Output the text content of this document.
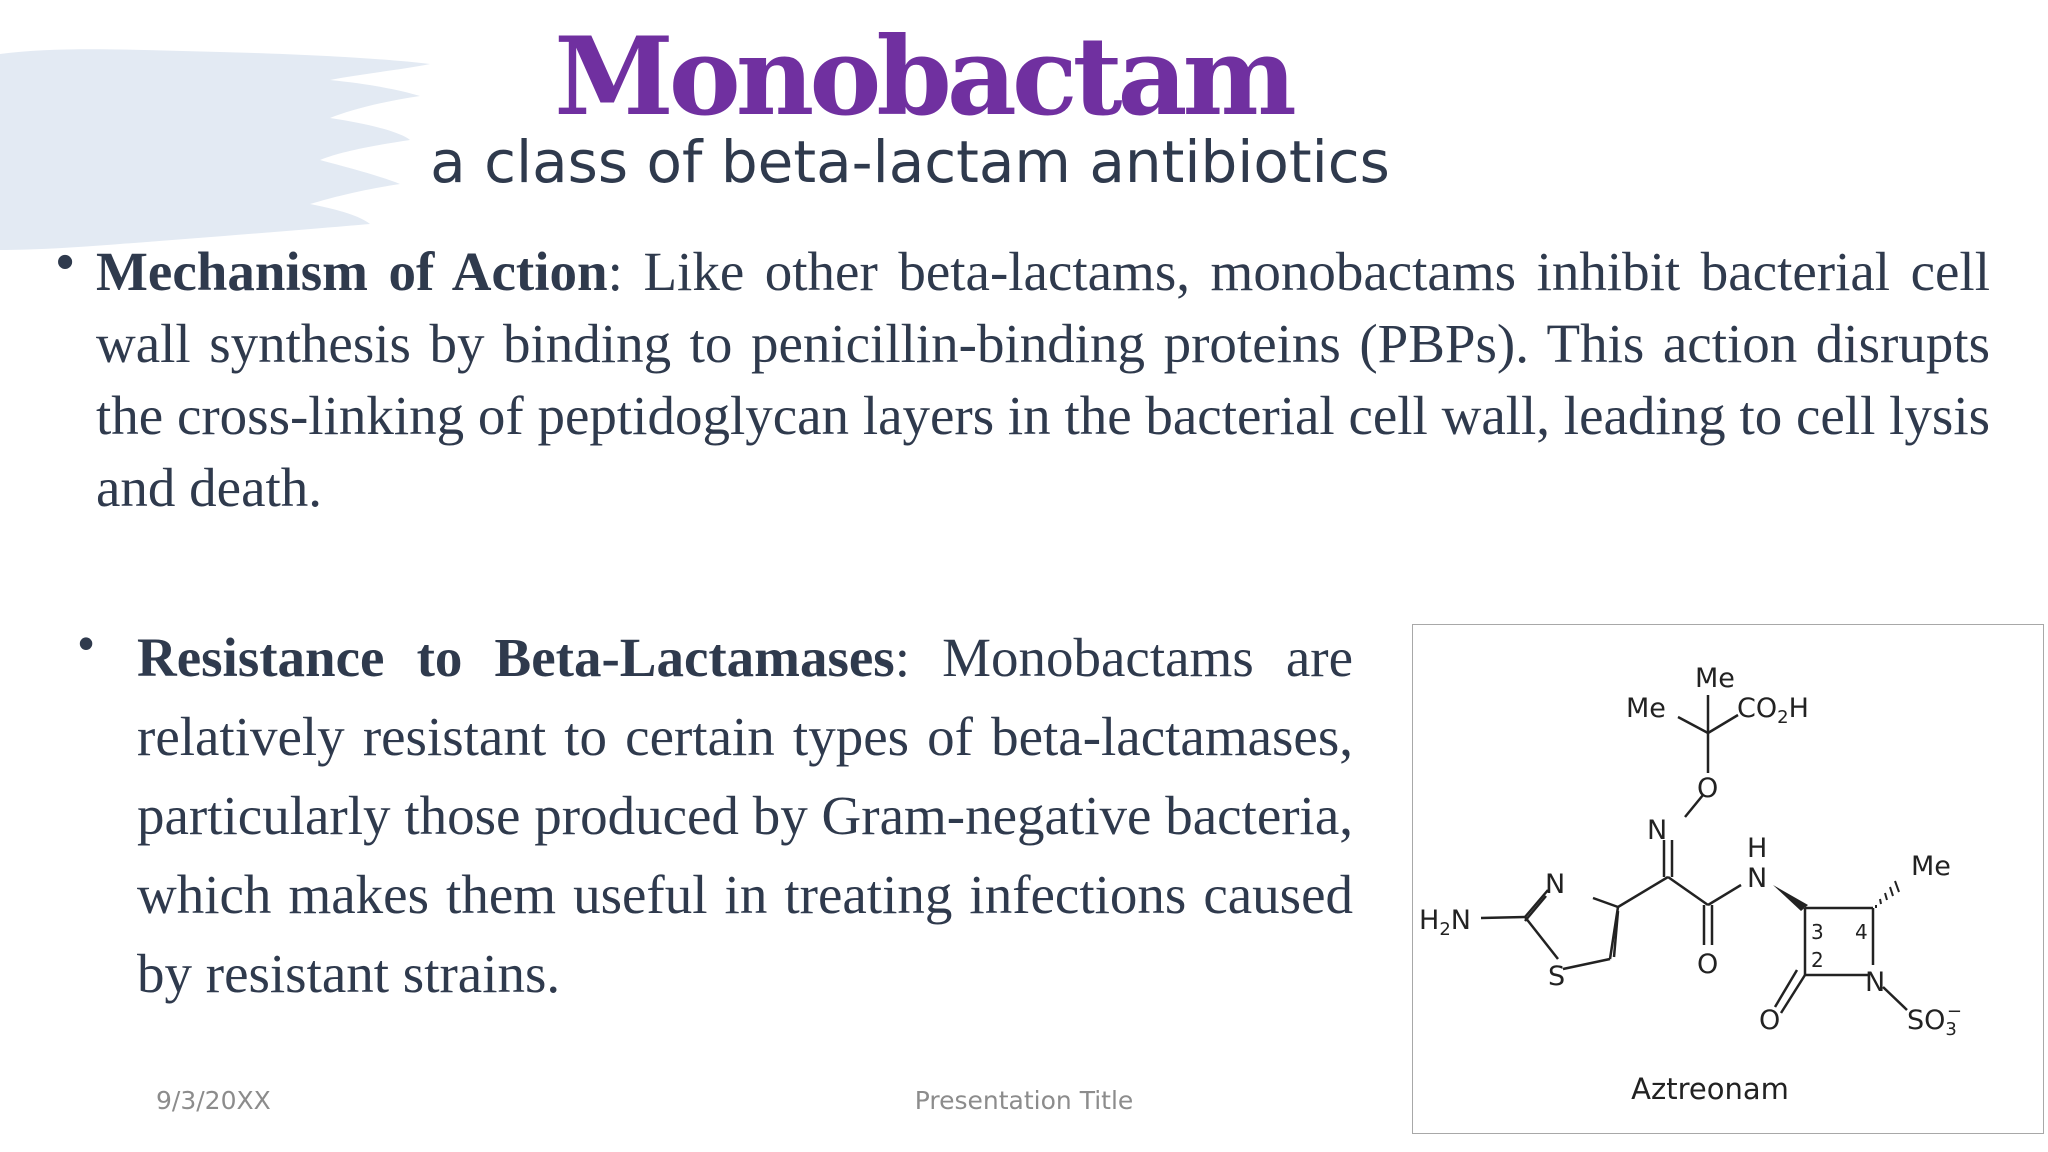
Monobactam
a class of beta-lactam antibiotics
• Mechanism of Action: Like other beta-lactams, monobactams inhibit bacterial cell wall synthesis by binding to penicillin-binding proteins (PBPs). This action disrupts the cross-linking of peptidoglycan layers in the bacterial cell wall, leading to cell lysis and death.
• Resistance to Beta-Lactamases: Monobactams are relatively resistant to certain types of beta-lactamases, particularly those produced by Gram-negative bacteria, which makes them useful in treating infections caused by resistant strains.
Me
Me	$CO_2H$
O
N
H
N	Me
$H_2N$
N
S	O
O
N
$SO_3-$
3 4
2
Aztreonam
9/3/20XX	Presentation Title
